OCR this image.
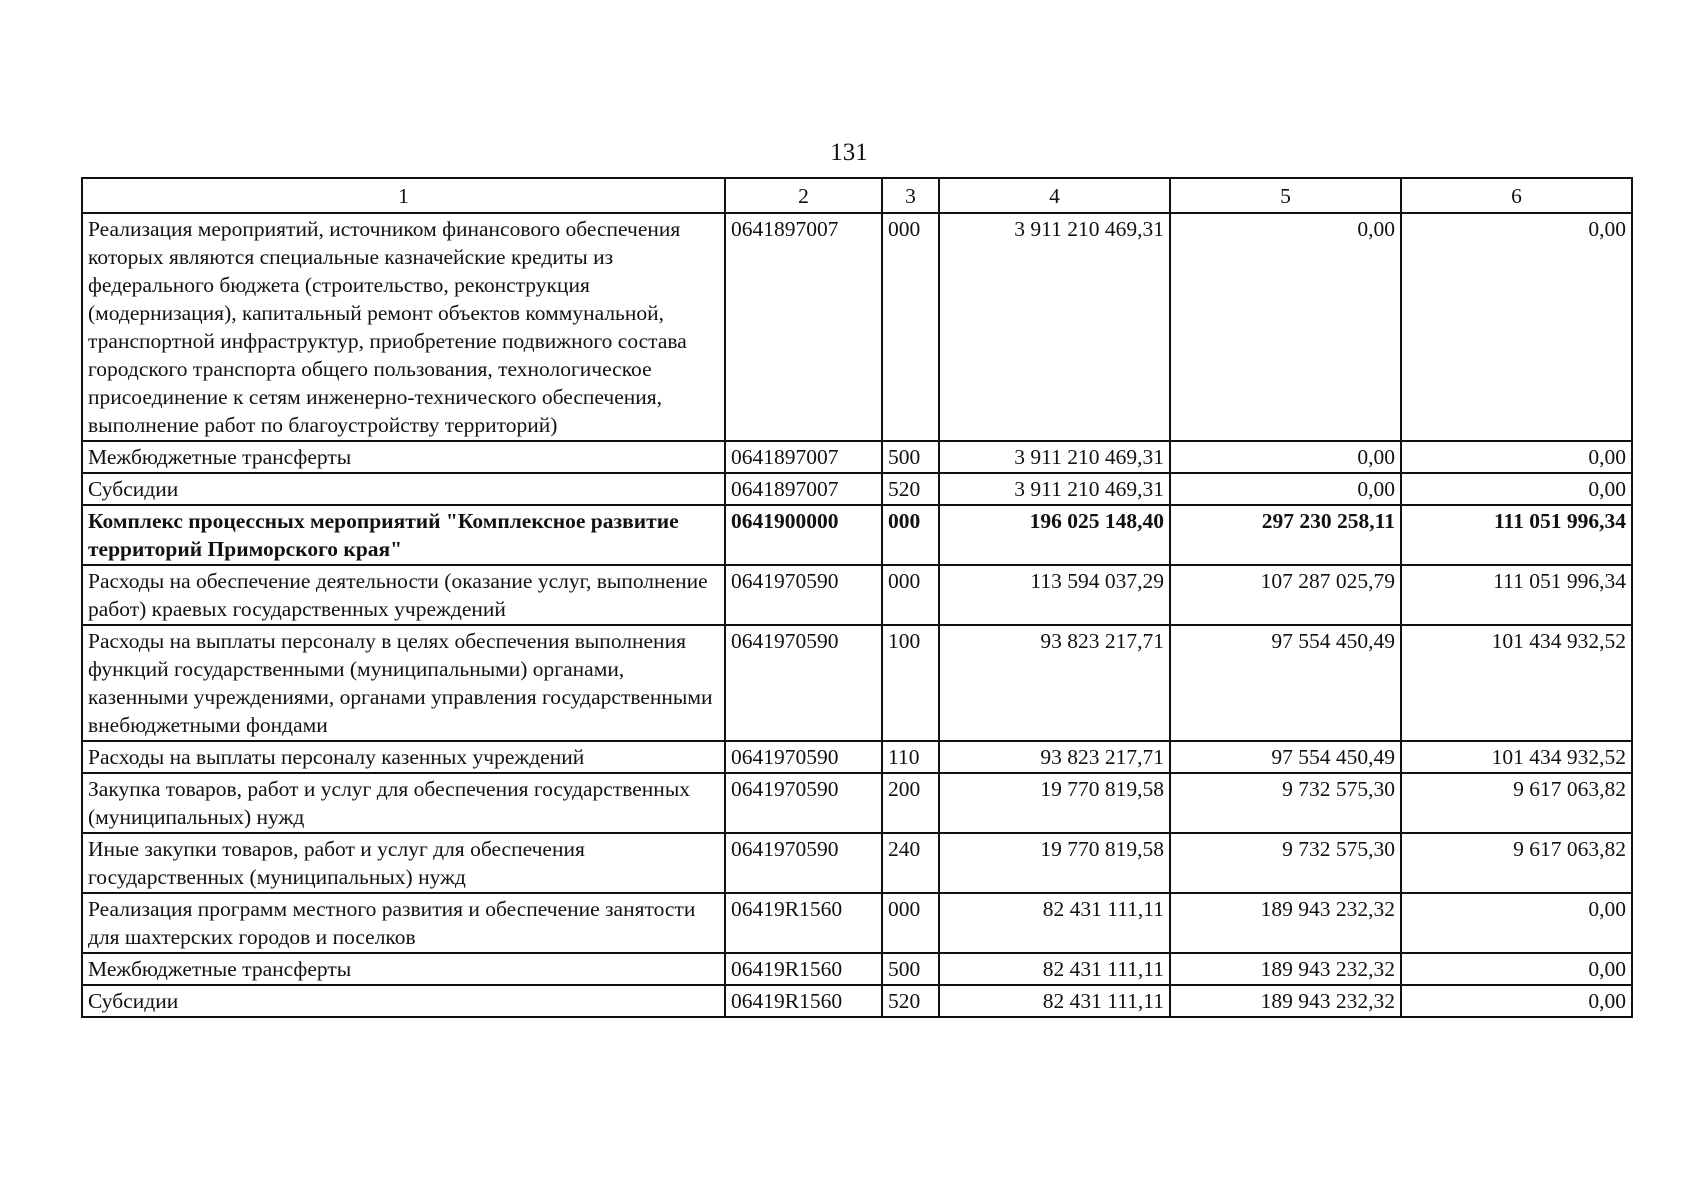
131
1	2	3	4	5	6
Реализация мероприятий, источником финансового обеспечения которых являются специальные казначейские кредиты из федерального бюджета (строительство, реконструкция (модернизация), капитальный ремонт объектов коммунальной, транспортной инфраструктур, приобретение подвижного состава городского транспорта общего пользования, технологическое присоединение к сетям инженерно-технического обеспечения, выполнение работ по благоустройству территорий)	0641897007	000	3 911 210 469,31	0,00	0,00
Межбюджетные трансферты	0641897007	500	3 911 210 469,31	0,00	0,00
Субсидии	0641897007	520	3 911 210 469,31	0,00	0,00
Комплекс процессных мероприятий "Комплексное развитие территорий Приморского края"	0641900000	000	196 025 148,40	297 230 258,11	111 051 996,34
Расходы на обеспечение деятельности (оказание услуг, выполнение работ) краевых государственных учреждений	0641970590	000	113 594 037,29	107 287 025,79	111 051 996,34
Расходы на выплаты персоналу в целях обеспечения выполнения функций государственными (муниципальными) органами, казенными учреждениями, органами управления государственными внебюджетными фондами	0641970590	100	93 823 217,71	97 554 450,49	101 434 932,52
Расходы на выплаты персоналу казенных учреждений	0641970590	110	93 823 217,71	97 554 450,49	101 434 932,52
Закупка товаров, работ и услуг для обеспечения государственных (муниципальных) нужд	0641970590	200	19 770 819,58	9 732 575,30	9 617 063,82
Иные закупки товаров, работ и услуг для обеспечения государственных (муниципальных) нужд	0641970590	240	19 770 819,58	9 732 575,30	9 617 063,82
Реализация программ местного развития и обеспечение занятости для шахтерских городов и поселков	06419R1560	000	82 431 111,11	189 943 232,32	0,00
Межбюджетные трансферты	06419R1560	500	82 431 111,11	189 943 232,32	0,00
Субсидии	06419R1560	520	82 431 111,11	189 943 232,32	0,00
